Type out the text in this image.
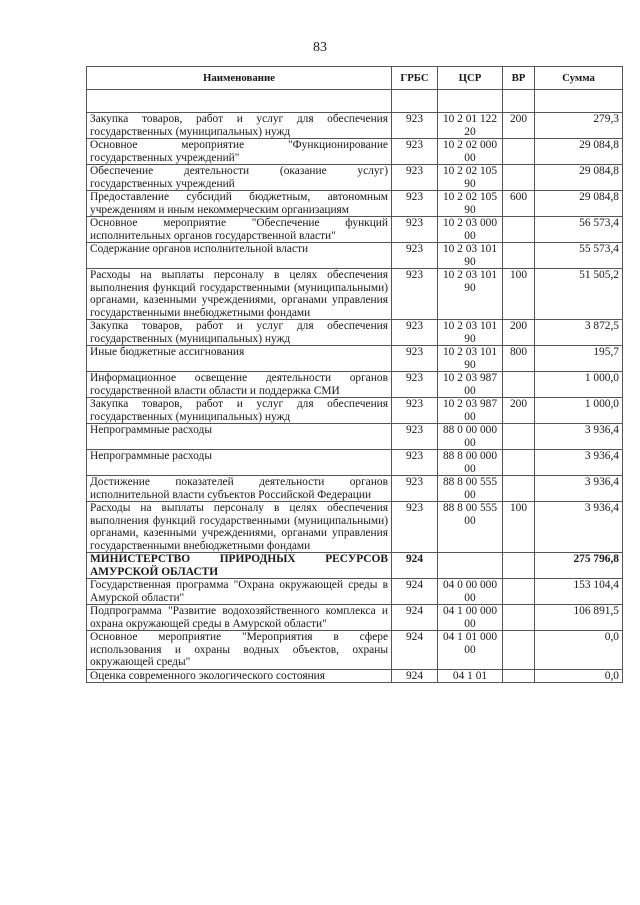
83
Наименование	ГРБС	ЦСР	ВР	Сумма

Закупка товаров, работ и услуг для обеспечения государственных (муниципальных) нужд	923	10 2 01 12220	200	279,3
Основное мероприятие "Функционирование государственных учреждений"	923	10 2 02 00000		29 084,8
Обеспечение деятельности (оказание услуг) государственных учреждений	923	10 2 02 10590		29 084,8
Предоставление субсидий бюджетным, автономным учреждениям и иным некоммерческим организациям	923	10 2 02 10590	600	29 084,8
Основное мероприятие "Обеспечение функций исполнительных органов государственной власти"	923	10 2 03 00000		56 573,4
Содержание органов исполнительной власти	923	10 2 03 10190		55 573,4
Расходы на выплаты персоналу в целях обеспечения выполнения функций государственными (муниципальными) органами, казенными учреждениями, органами управления государственными внебюджетными фондами	923	10 2 03 10190	100	51 505,2
Закупка товаров, работ и услуг для обеспечения государственных (муниципальных) нужд	923	10 2 03 10190	200	3 872,5
Иные бюджетные ассигнования	923	10 2 03 10190	800	195,7
Информационное освещение деятельности органов государственной власти области и поддержка СМИ	923	10 2 03 98700		1 000,0
Закупка товаров, работ и услуг для обеспечения государственных (муниципальных) нужд	923	10 2 03 98700	200	1 000,0
Непрограммные расходы	923	88 0 00 00000		3 936,4
Непрограммные расходы	923	88 8 00 00000		3 936,4
Достижение показателей деятельности органов исполнительной власти субъектов Российской Федерации	923	88 8 00 55500		3 936,4
Расходы на выплаты персоналу в целях обеспечения выполнения функций государственными (муниципальными) органами, казенными учреждениями, органами управления государственными внебюджетными фондами	923	88 8 00 55500	100	3 936,4
МИНИСТЕРСТВО ПРИРОДНЫХ РЕСУРСОВ АМУРСКОЙ ОБЛАСТИ	924			275 796,8
Государственная программа "Охрана окружающей среды в Амурской области"	924	04 0 00 00000		153 104,4
Подпрограмма "Развитие водохозяйственного комплекса и охрана окружающей среды в Амурской области"	924	04 1 00 00000		106 891,5
Основное мероприятие "Мероприятия в сфере использования и охраны водных объектов, охраны окружающей среды"	924	04 1 01 00000		0,0
Оценка современного экологического состояния	924	04 1 01		0,0
